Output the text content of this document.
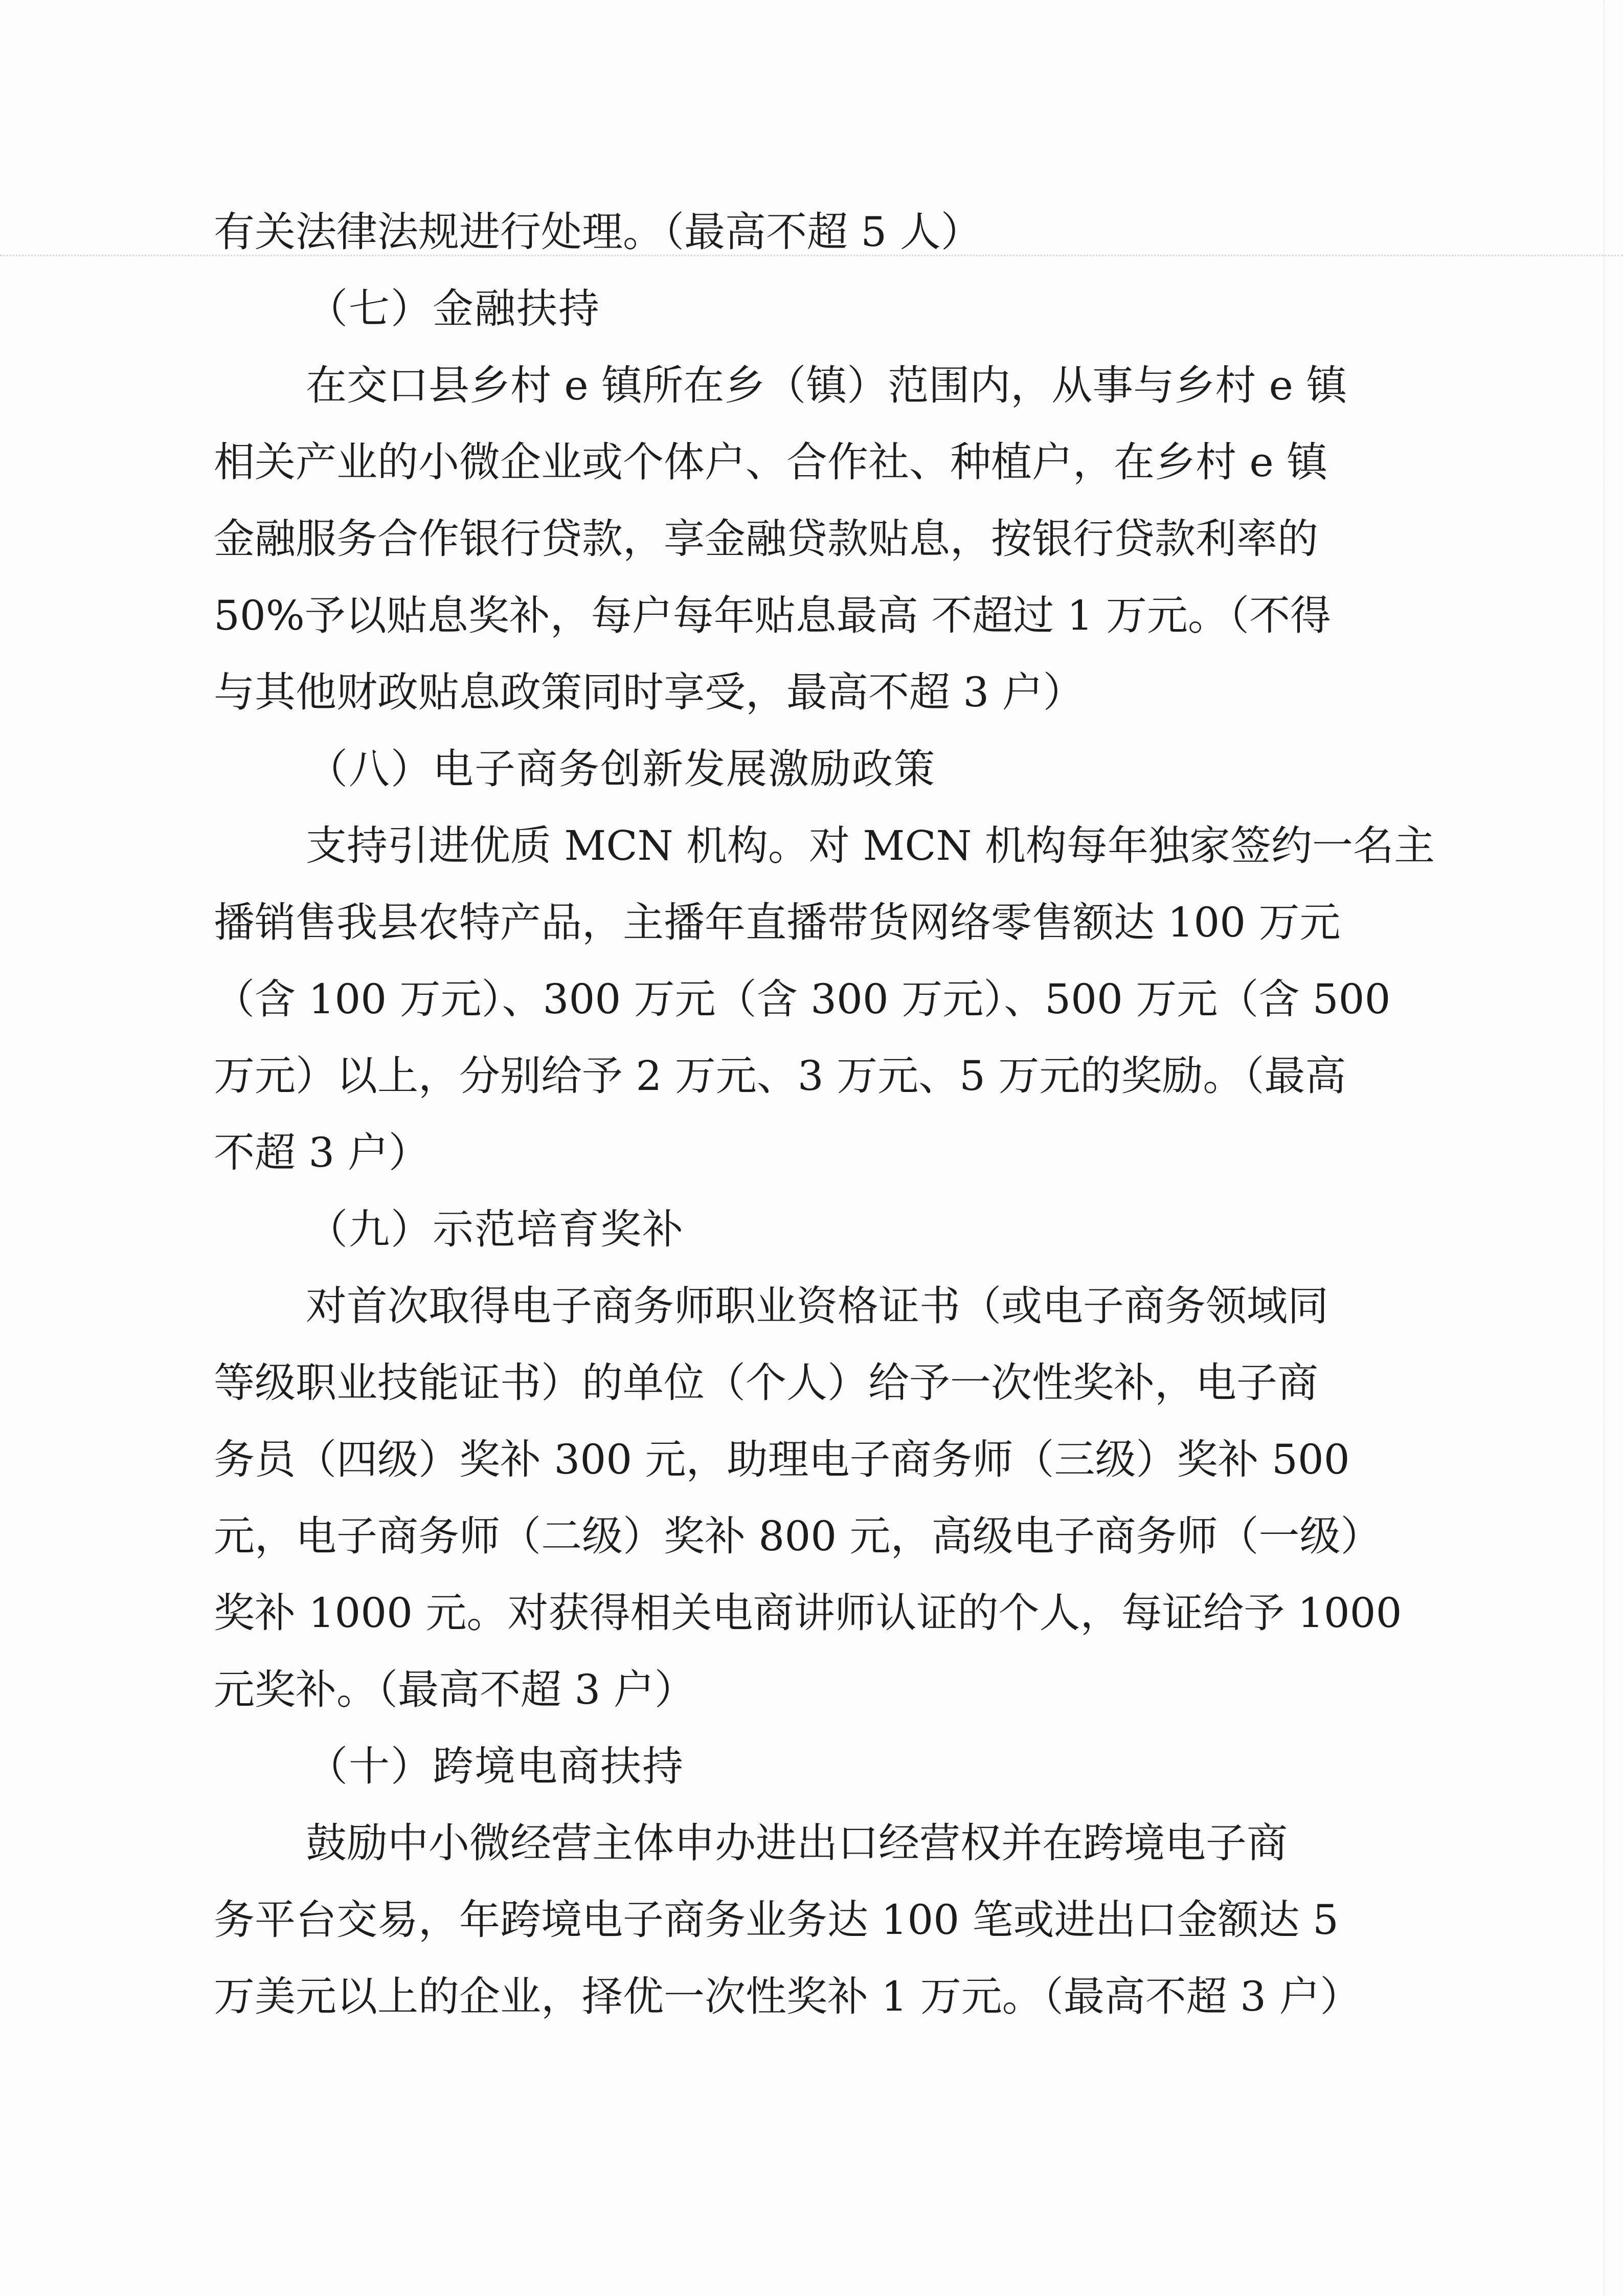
有关法律法规进行处理。（最高不超 5 人）
（七）金融扶持
在交口县乡村 e 镇所在乡（镇）范围内，从事与乡村 e 镇
相关产业的小微企业或个体户、合作社、种植户，在乡村 e 镇
金融服务合作银行贷款，享金融贷款贴息，按银行贷款利率的
50%予以贴息奖补，每户每年贴息最高 不超过 1 万元。（不得
与其他财政贴息政策同时享受，最高不超 3 户）
（八）电子商务创新发展激励政策
支持引进优质 MCN 机构。对 MCN 机构每年独家签约一名主
播销售我县农特产品，主播年直播带货网络零售额达 100 万元
（含 100 万元）、300 万元（含 300 万元）、500 万元（含 500
万元）以上，分别给予 2 万元、3 万元、5 万元的奖励。（最高
不超 3 户）
（九）示范培育奖补
对首次取得电子商务师职业资格证书（或电子商务领域同
等级职业技能证书）的单位（个人）给予一次性奖补，电子商
务员（四级）奖补 300 元，助理电子商务师（三级）奖补 500
元，电子商务师（二级）奖补 800 元，高级电子商务师（一级）
奖补 1000 元。对获得相关电商讲师认证的个人，每证给予 1000
元奖补。（最高不超 3 户）
（十）跨境电商扶持
鼓励中小微经营主体申办进出口经营权并在跨境电子商
务平台交易，年跨境电子商务业务达 100 笔或进出口金额达 5
万美元以上的企业，择优一次性奖补 1 万元。（最高不超 3 户）
